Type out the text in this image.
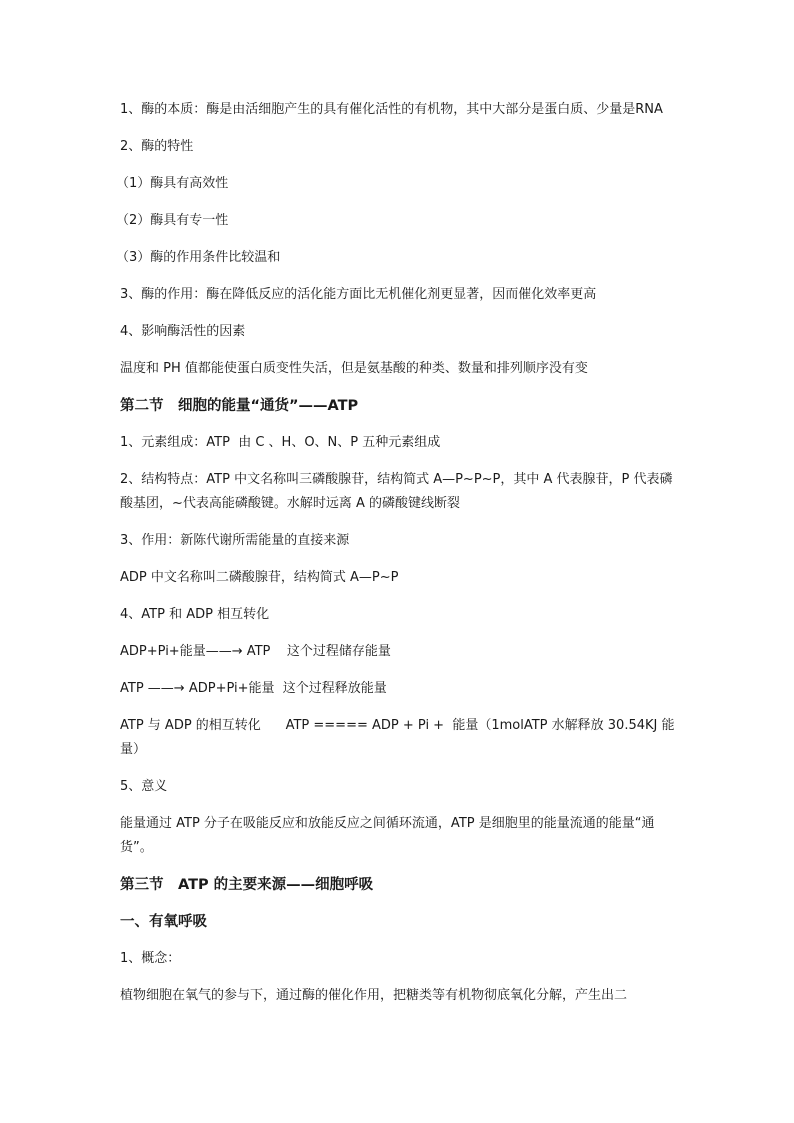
1、酶的本质：酶是由活细胞产生的具有催化活性的有机物，其中大部分是蛋白质、少量是RNA

2、酶的特性

（1）酶具有高效性

（2）酶具有专一性

（3）酶的作用条件比较温和

3、酶的作用：酶在降低反应的活化能方面比无机催化剂更显著，因而催化效率更高

4、影响酶活性的因素

温度和 PH 值都能使蛋白质变性失活，但是氨基酸的种类、数量和排列顺序没有变

第二节　细胞的能量“通货”——ATP

1、元素组成：ATP  由 C 、H、O、N、P 五种元素组成

2、结构特点：ATP 中文名称叫三磷酸腺苷，结构简式 A—P~P~P，其中 A 代表腺苷，P 代表磷酸基团，~代表高能磷酸键。水解时远离 A 的磷酸键线断裂

3、作用：新陈代谢所需能量的直接来源

ADP 中文名称叫二磷酸腺苷，结构简式 A—P~P

4、ATP 和 ADP 相互转化

ADP+Pi+能量——→ ATP    这个过程储存能量

ATP ——→ ADP+Pi+能量  这个过程释放能量

ATP 与 ADP 的相互转化      ATP ===== ADP + Pi +  能量（1molATP 水解释放 30.54KJ 能量）

5、意义

能量通过 ATP 分子在吸能反应和放能反应之间循环流通，ATP 是细胞里的能量流通的能量“通货”。

第三节　ATP 的主要来源——细胞呼吸

一、有氧呼吸

1、概念：

植物细胞在氧气的参与下，通过酶的催化作用，把糖类等有机物彻底氧化分解，产生出二
